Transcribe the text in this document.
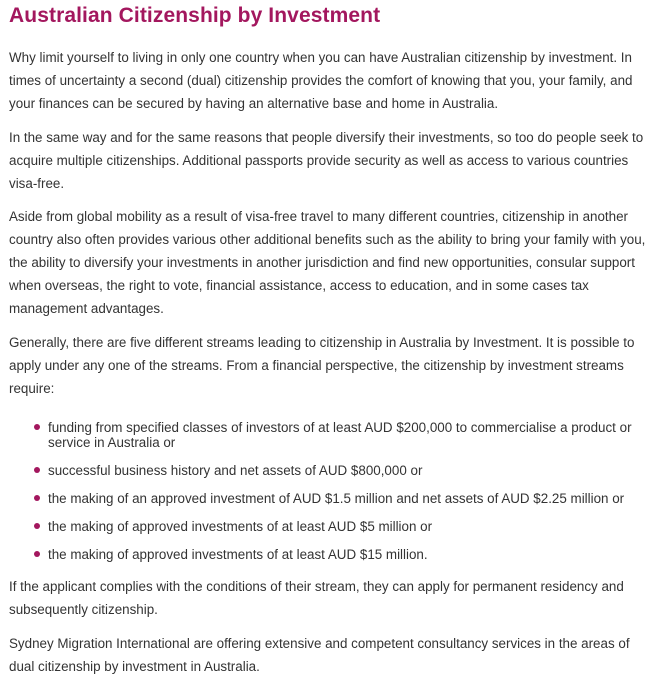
Australian Citizenship by Investment

Why limit yourself to living in only one country when you can have Australian citizenship by investment. In times of uncertainty a second (dual) citizenship provides the comfort of knowing that you, your family, and your finances can be secured by having an alternative base and home in Australia.

In the same way and for the same reasons that people diversify their investments, so too do people seek to acquire multiple citizenships. Additional passports provide security as well as access to various countries visa-free.

Aside from global mobility as a result of visa-free travel to many different countries, citizenship in another country also often provides various other additional benefits such as the ability to bring your family with you, the ability to diversify your investments in another jurisdiction and find new opportunities, consular support when overseas, the right to vote, financial assistance, access to education, and in some cases tax management advantages.

Generally, there are five different streams leading to citizenship in Australia by Investment. It is possible to apply under any one of the streams. From a financial perspective, the citizenship by investment streams require:

funding from specified classes of investors of at least AUD $200,000 to commercialise a product or service in Australia or
successful business history and net assets of AUD $800,000 or
the making of an approved investment of AUD $1.5 million and net assets of AUD $2.25 million or
the making of approved investments of at least AUD $5 million or
the making of approved investments of at least AUD $15 million.

If the applicant complies with the conditions of their stream, they can apply for permanent residency and subsequently citizenship.

Sydney Migration International are offering extensive and competent consultancy services in the areas of dual citizenship by investment in Australia.
